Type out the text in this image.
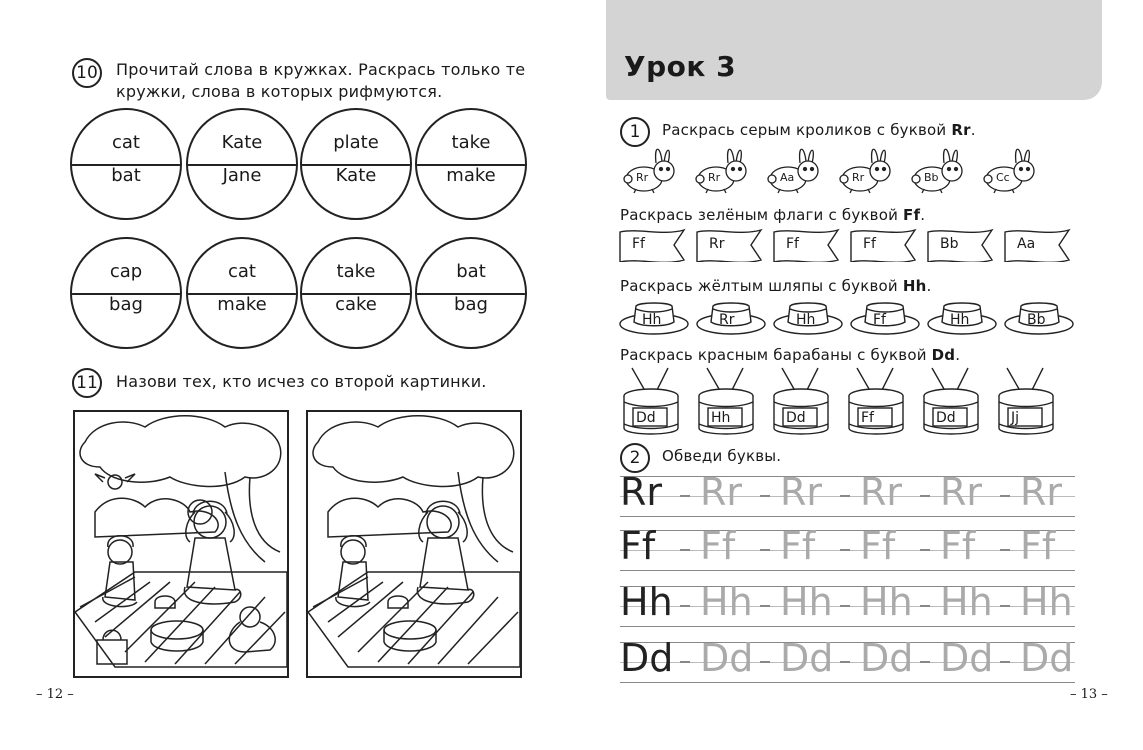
10 Прочитай слова в кружках. Раскрась только те
кружки, слова в которых рифмуются.
cat
bat
Kate
Jane
plate
Kate
take
make
cap
bag
cat
make
take
cake
bat
bag
11 Назови тех, кто исчез со второй картинки.
– 12 –
Урок 3
1	Раскрась серым кроликов с буквой Rr.
Rr	Rr	Aa	Rr	Bb	Cc
Раскрась зелёным флаги с буквой Ff.
Ff	Rr	Ff	Ff	Bb	Aa
Раскрась жёлтым шляпы с буквой Hh.
Hh	Rr	Hh	Ff	Hh	Bb
Раскрась красным барабаны с буквой Dd.
Dd	Hh	Dd	Ff	Dd	Jj
2	Обведи буквы.
Rr Rr Rr Rr Rr Rr
Ff Ff Ff Ff Ff Ff
Hh Hh Hh Hh Hh Hh
Dd Dd Dd Dd Dd Dd
– 13 –
